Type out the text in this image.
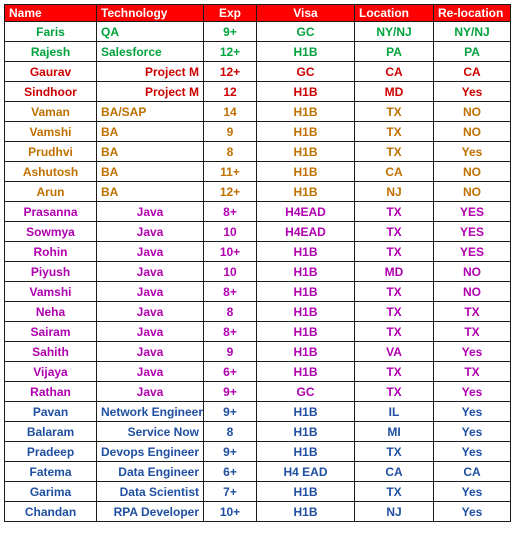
Name	Technology	Exp	Visa	Location	Re-location
Faris	QA	9+	GC	NY/NJ	NY/NJ
Rajesh	Salesforce	12+	H1B	PA	PA
Gaurav	Project M	12+	GC	CA	CA
Sindhoor	Project M	12	H1B	MD	Yes
Vaman	BA/SAP	14	H1B	TX	NO
Vamshi	BA	9	H1B	TX	NO
Prudhvi	BA	8	H1B	TX	Yes
Ashutosh	BA	11+	H1B	CA	NO
Arun	BA	12+	H1B	NJ	NO
Prasanna	Java	8+	H4EAD	TX	YES
Sowmya	Java	10	H4EAD	TX	YES
Rohin	Java	10+	H1B	TX	YES
Piyush	Java	10	H1B	MD	NO
Vamshi	Java	8+	H1B	TX	NO
Neha	Java	8	H1B	TX	TX
Sairam	Java	8+	H1B	TX	TX
Sahith	Java	9	H1B	VA	Yes
Vijaya	Java	6+	H1B	TX	TX
Rathan	Java	9+	GC	TX	Yes
Pavan	Network Engineer	9+	H1B	IL	Yes
Balaram	Service Now	8	H1B	MI	Yes
Pradeep	Devops Engineer	9+	H1B	TX	Yes
Fatema	Data Engineer	6+	H4 EAD	CA	CA
Garima	Data Scientist	7+	H1B	TX	Yes
Chandan	RPA Developer	10+	H1B	NJ	Yes
